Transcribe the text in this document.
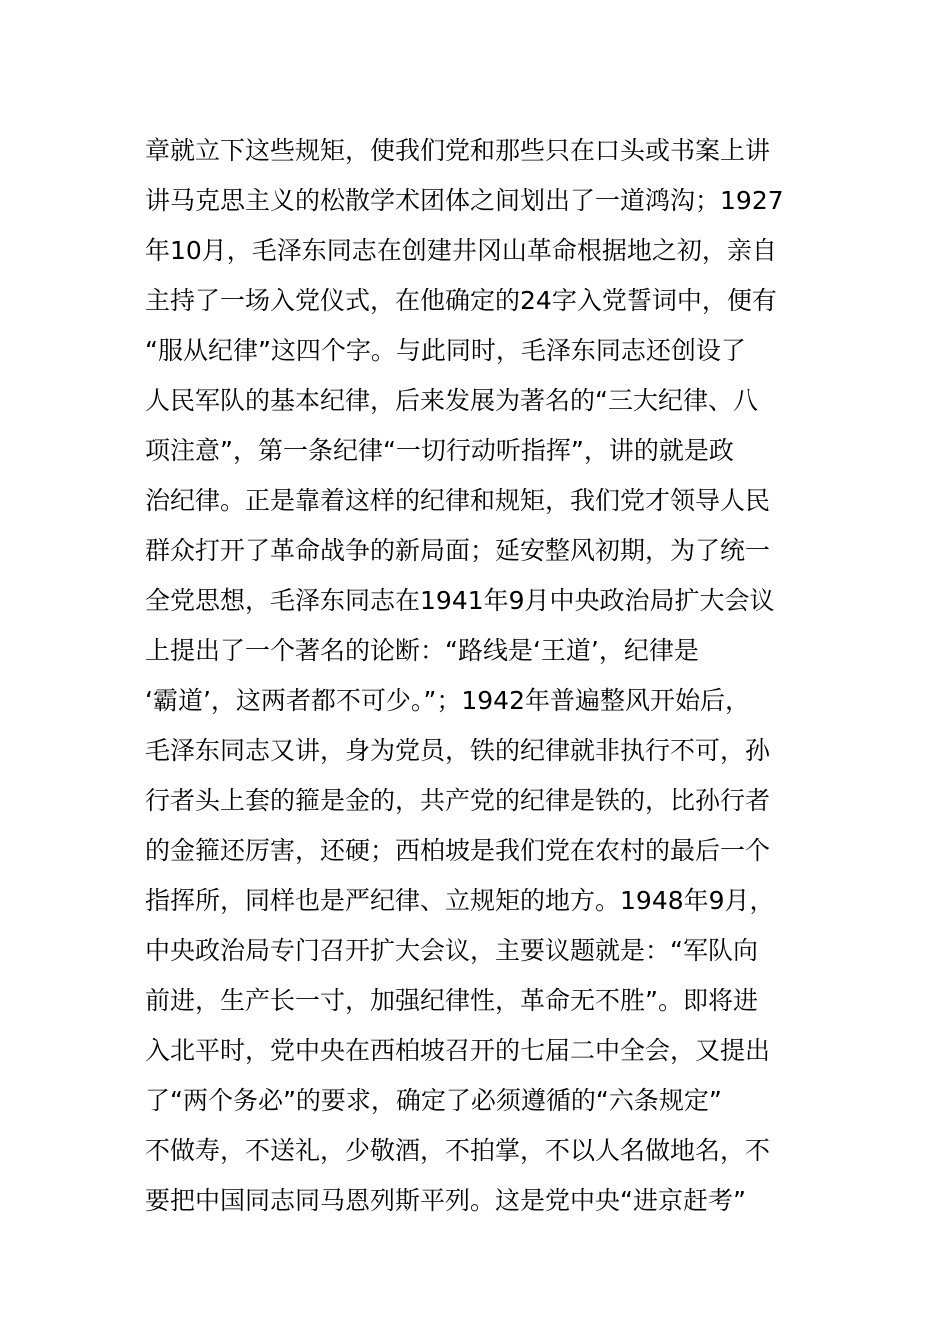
章就立下这些规矩，使我们党和那些只在口头或书案上讲
讲马克思主义的松散学术团体之间划出了一道鸿沟；1927
年10月，毛泽东同志在创建井冈山革命根据地之初，亲自
主持了一场入党仪式，在他确定的24字入党誓词中，便有
“服从纪律”这四个字。与此同时，毛泽东同志还创设了
人民军队的基本纪律，后来发展为著名的“三大纪律、八
项注意”，第一条纪律“一切行动听指挥”，讲的就是政
治纪律。正是靠着这样的纪律和规矩，我们党才领导人民
群众打开了革命战争的新局面；延安整风初期，为了统一
全党思想，毛泽东同志在1941年9月中央政治局扩大会议
上提出了一个著名的论断：“路线是‘王道’，纪律是
‘霸道’，这两者都不可少。”；1942年普遍整风开始后，
毛泽东同志又讲，身为党员，铁的纪律就非执行不可，孙
行者头上套的箍是金的，共产党的纪律是铁的，比孙行者
的金箍还厉害，还硬；西柏坡是我们党在农村的最后一个
指挥所，同样也是严纪律、立规矩的地方。1948年9月，
中央政治局专门召开扩大会议，主要议题就是：“军队向
前进，生产长一寸，加强纪律性，革命无不胜”。即将进
入北平时，党中央在西柏坡召开的七届二中全会，又提出
了“两个务必”的要求，确定了必须遵循的“六条规定”
不做寿，不送礼，少敬酒，不拍掌，不以人名做地名，不
要把中国同志同马恩列斯平列。这是党中央“进京赶考”
